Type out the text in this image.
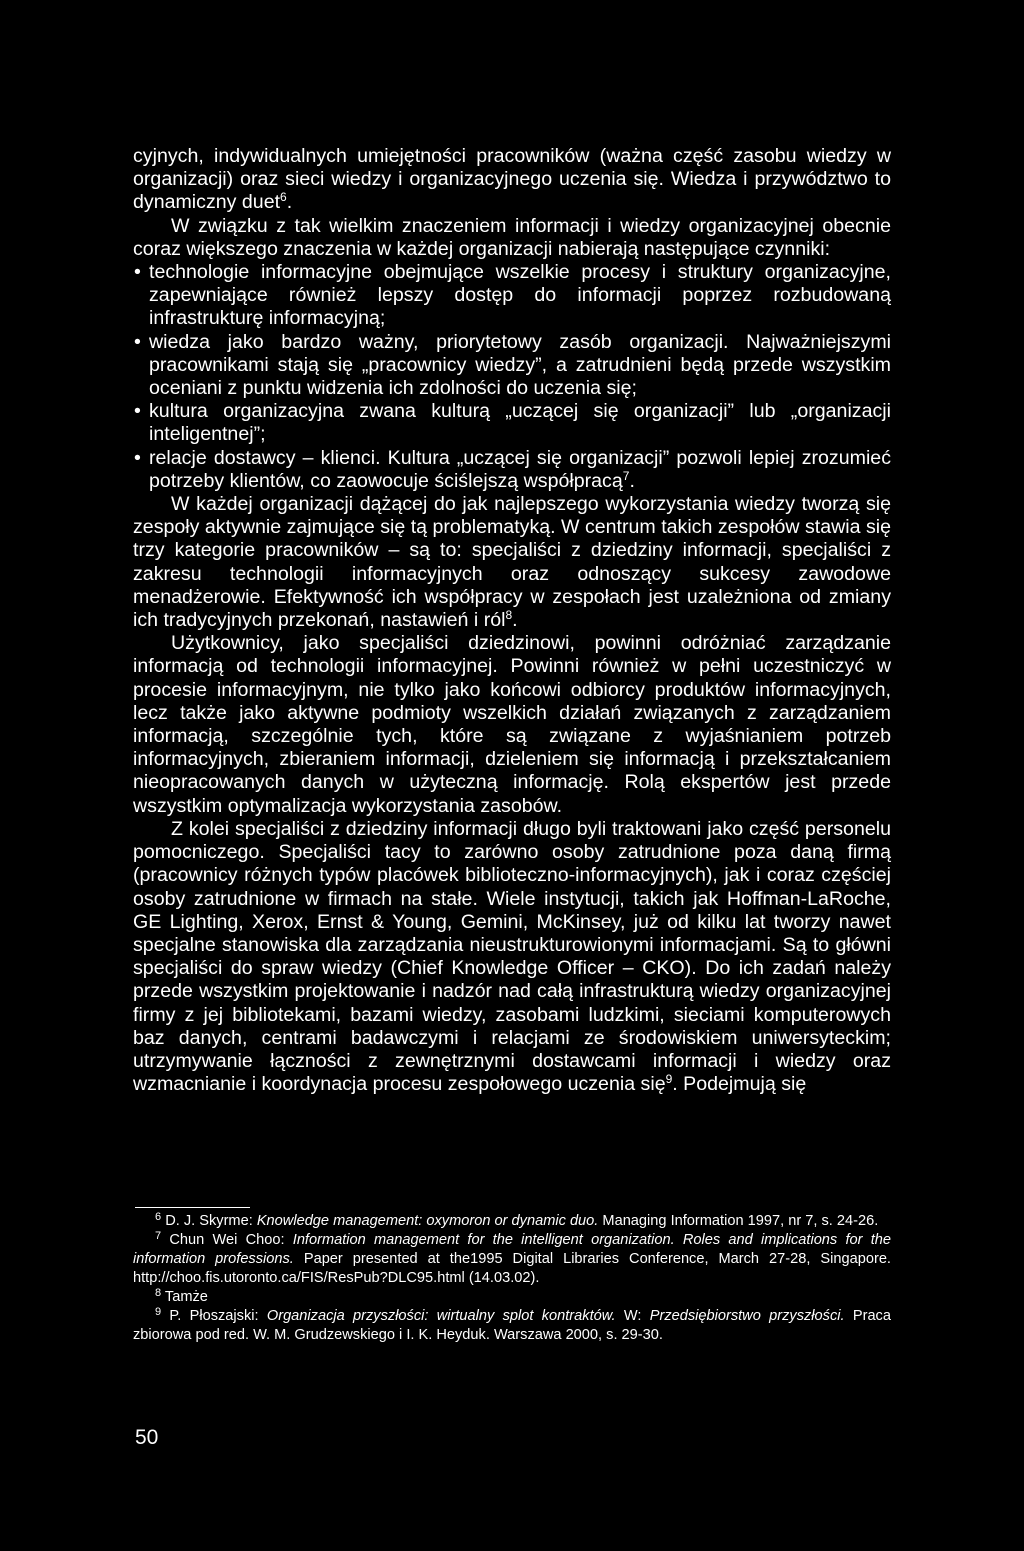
cyjnych, indywidualnych umiejętności pracowników (ważna część zasobu wiedzy w organizacji) oraz sieci wiedzy i organizacyjnego uczenia się. Wiedza i przywództwo to dynamiczny duet$^6$.

W związku z tak wielkim znaczeniem informacji i wiedzy organizacyjnej obecnie coraz większego znaczenia w każdej organizacji nabierają następujące czynniki:

• technologie informacyjne obejmujące wszelkie procesy i struktury organizacyjne, zapewniające również lepszy dostęp do informacji poprzez rozbudowaną infrastrukturę informacyjną;
• wiedza jako bardzo ważny, priorytetowy zasób organizacji. Najważniejszymi pracownikami stają się „pracownicy wiedzy”, a zatrudnieni będą przede wszystkim oceniani z punktu widzenia ich zdolności do uczenia się;
• kultura organizacyjna zwana kulturą „uczącej się organizacji” lub „organizacji inteligentnej”;
• relacje dostawcy – klienci. Kultura „uczącej się organizacji” pozwoli lepiej zrozumieć potrzeby klientów, co zaowocuje ściślejszą współpracą$^7$.

W każdej organizacji dążącej do jak najlepszego wykorzystania wiedzy tworzą się zespoły aktywnie zajmujące się tą problematyką. W centrum takich zespołów stawia się trzy kategorie pracowników – są to: specjaliści z dziedziny informacji, specjaliści z zakresu technologii informacyjnych oraz odnoszący sukcesy zawodowe menadżerowie. Efektywność ich współpracy w zespołach jest uzależniona od zmiany ich tradycyjnych przekonań, nastawień i ról$^8$.

Użytkownicy, jako specjaliści dziedzinowi, powinni odróżniać zarządzanie informacją od technologii informacyjnej. Powinni również w pełni uczestniczyć w procesie informacyjnym, nie tylko jako końcowi odbiorcy produktów informacyjnych, lecz także jako aktywne podmioty wszelkich działań związanych z zarządzaniem informacją, szczególnie tych, które są związane z wyjaśnianiem potrzeb informacyjnych, zbieraniem informacji, dzieleniem się informacją i przekształcaniem nieopracowanych danych w użyteczną informację. Rolą ekspertów jest przede wszystkim optymalizacja wykorzystania zasobów.

Z kolei specjaliści z dziedziny informacji długo byli traktowani jako część personelu pomocniczego. Specjaliści tacy to zarówno osoby zatrudnione poza daną firmą (pracownicy różnych typów placówek biblioteczno-informacyjnych), jak i coraz częściej osoby zatrudnione w firmach na stałe. Wiele instytucji, takich jak Hoffman-LaRoche, GE Lighting, Xerox, Ernst & Young, Gemini, McKinsey, już od kilku lat tworzy nawet specjalne stanowiska dla zarządzania nieustrukturowionymi informacjami. Są to główni specjaliści do spraw wiedzy (Chief Knowledge Officer – CKO). Do ich zadań należy przede wszystkim projektowanie i nadzór nad całą infrastrukturą wiedzy organizacyjnej firmy z jej bibliotekami, bazami wiedzy, zasobami ludzkimi, sieciami komputerowych baz danych, centrami badawczymi i relacjami ze środowiskiem uniwersyteckim; utrzymywanie łączności z zewnętrznymi dostawcami informacji i wiedzy oraz wzmacnianie i koordynacja procesu zespołowego uczenia się$^9$. Podejmują się

$^6$ D. J. Skyrme: Knowledge management: oxymoron or dynamic duo. Managing Information 1997, nr 7, s. 24-26.

$^7$ Chun Wei Choo: Information management for the intelligent organization. Roles and implications for the information professions. Paper presented at the1995 Digital Libraries Conference, March 27-28, Singapore. http://choo.fis.utoronto.ca/FIS/ResPub?DLC95.html (14.03.02).

$^8$ Tamże

$^9$ P. Płoszajski: Organizacja przyszłości: wirtualny splot kontraktów. W: Przedsiębiorstwo przyszłości. Praca zbiorowa pod red. W. M. Grudzewskiego i I. K. Heyduk. Warszawa 2000, s. 29-30.

50
